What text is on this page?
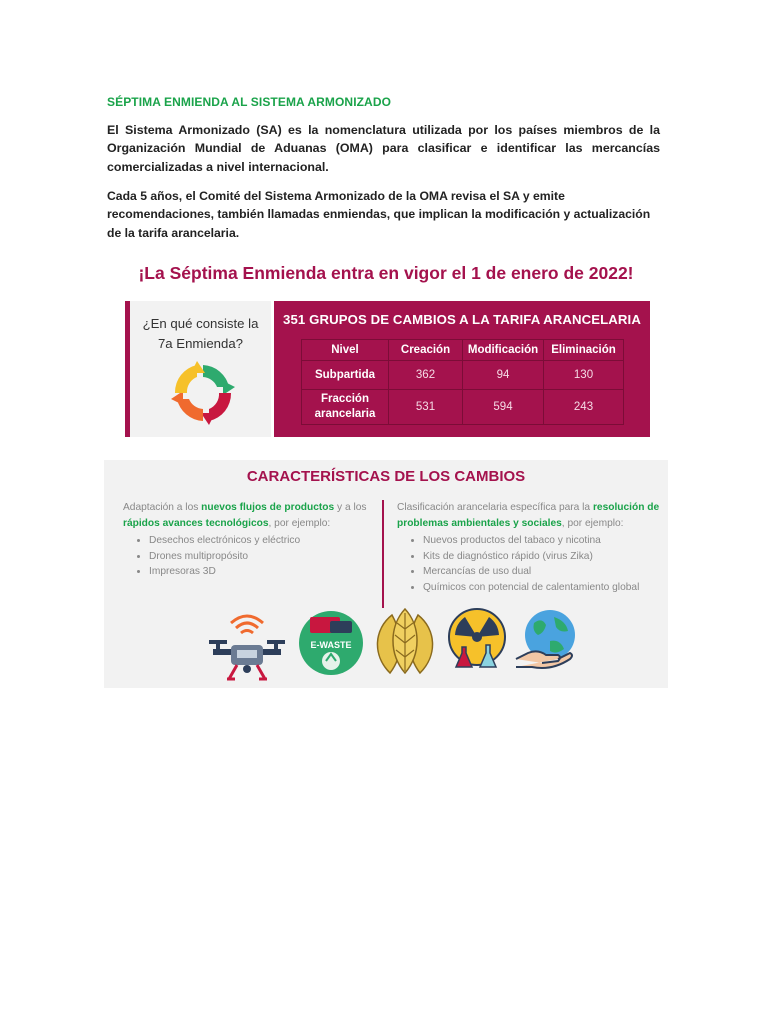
SÉPTIMA ENMIENDA AL SISTEMA ARMONIZADO
El Sistema Armonizado (SA) es la nomenclatura utilizada por los países miembros de la Organización Mundial de Aduanas (OMA) para clasificar e identificar las mercancías comercializadas a nivel internacional.
Cada 5 años, el Comité del Sistema Armonizado de la OMA revisa el SA y emite recomendaciones, también llamadas enmiendas, que implican la modificación y actualización de la tarifa arancelaria.
¡La Séptima Enmienda entra en vigor el 1 de enero de 2022!
¿En qué consiste la
7a Enmienda?
351 GRUPOS DE CAMBIOS A LA TARIFA ARANCELARIA
Nivel	Creación	Modificación	Eliminación
Subpartida	362	94	130

Fracción
arancelaria	531	594	243
CARACTERÍSTICAS DE LOS CAMBIOS
Adaptación a los nuevos flujos de productos y a los rápidos avances tecnológicos, por ejemplo:
• Desechos electrónicos y eléctrico
• Drones multipropósito
• Impresoras 3D
Clasificación arancelaria específica para la resolución de problemas ambientales y sociales, por ejemplo:
• Nuevos productos del tabaco y nicotina
• Kits de diagnóstico rápido (virus Zika)
• Mercancías de uso dual
• Químicos con potencial de calentamiento global
E-WASTE
